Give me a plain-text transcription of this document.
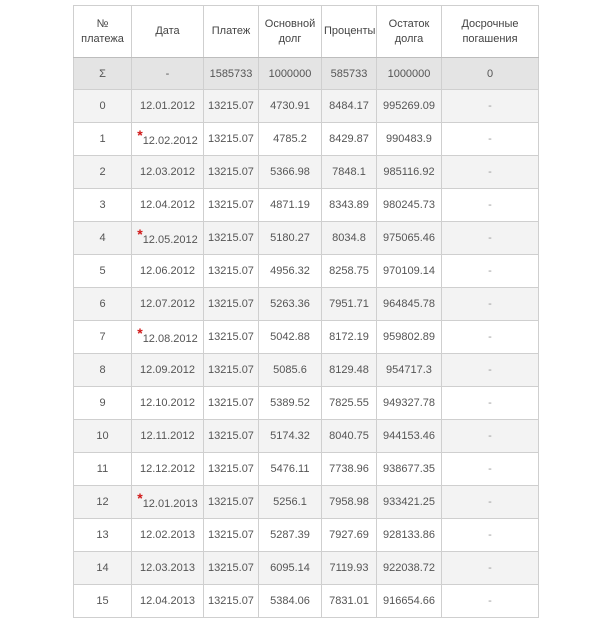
№ платежа	Дата	Платеж	Основной долг	Проценты	Остаток долга	Досрочные погашения
Σ	-	1585733	1000000	585733	1000000	0
0	12.01.2012	13215.07	4730.91	8484.17	995269.09	-
1	*12.02.2012	13215.07	4785.2	8429.87	990483.9	-
2	12.03.2012	13215.07	5366.98	7848.1	985116.92	-
3	12.04.2012	13215.07	4871.19	8343.89	980245.73	-
4	*12.05.2012	13215.07	5180.27	8034.8	975065.46	-
5	12.06.2012	13215.07	4956.32	8258.75	970109.14	-
6	12.07.2012	13215.07	5263.36	7951.71	964845.78	-
7	*12.08.2012	13215.07	5042.88	8172.19	959802.89	-
8	12.09.2012	13215.07	5085.6	8129.48	954717.3	-
9	12.10.2012	13215.07	5389.52	7825.55	949327.78	-
10	12.11.2012	13215.07	5174.32	8040.75	944153.46	-
11	12.12.2012	13215.07	5476.11	7738.96	938677.35	-
12	*12.01.2013	13215.07	5256.1	7958.98	933421.25	-
13	12.02.2013	13215.07	5287.39	7927.69	928133.86	-
14	12.03.2013	13215.07	6095.14	7119.93	922038.72	-
15	12.04.2013	13215.07	5384.06	7831.01	916654.66	-
